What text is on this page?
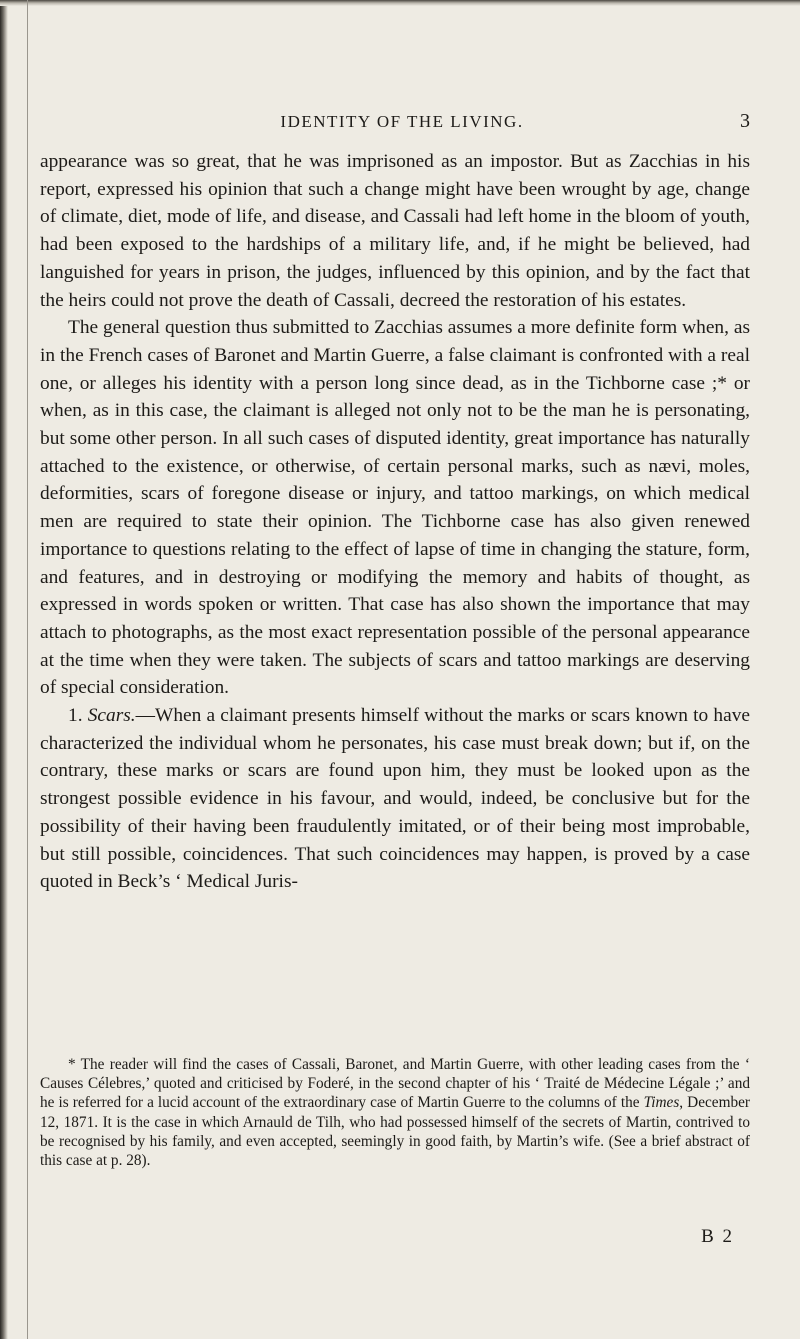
IDENTITY OF THE LIVING.	3

appearance was so great, that he was imprisoned as an impostor. But as Zacchias in his report, expressed his opinion that such a change might have been wrought by age, change of climate, diet, mode of life, and disease, and Cassali had left home in the bloom of youth, had been exposed to the hardships of a military life, and, if he might be believed, had languished for years in prison, the judges, influenced by this opinion, and by the fact that the heirs could not prove the death of Cassali, decreed the restoration of his estates.

The general question thus submitted to Zacchias assumes a more definite form when, as in the French cases of Baronet and Martin Guerre, a false claimant is confronted with a real one, or alleges his identity with a person long since dead, as in the Tichborne case ;* or when, as in this case, the claimant is alleged not only not to be the man he is personating, but some other person. In all such cases of disputed identity, great importance has naturally attached to the existence, or otherwise, of certain personal marks, such as nævi, moles, deformities, scars of foregone disease or injury, and tattoo markings, on which medical men are required to state their opinion. The Tichborne case has also given renewed importance to questions relating to the effect of lapse of time in changing the stature, form, and features, and in destroying or modifying the memory and habits of thought, as expressed in words spoken or written. That case has also shown the importance that may attach to photographs, as the most exact representation possible of the personal appearance at the time when they were taken. The subjects of scars and tattoo markings are deserving of special consideration.

1. Scars.—When a claimant presents himself without the marks or scars known to have characterized the individual whom he personates, his case must break down; but if, on the contrary, these marks or scars are found upon him, they must be looked upon as the strongest possible evidence in his favour, and would, indeed, be conclusive but for the possibility of their having been fraudulently imitated, or of their being most improbable, but still possible, coincidences. That such coincidences may happen, is proved by a case quoted in Beck’s ‘ Medical Juris-

* The reader will find the cases of Cassali, Baronet, and Martin Guerre, with other leading cases from the ‘ Causes Célebres,’ quoted and criticised by Foderé, in the second chapter of his ‘ Traité de Médecine Légale ;’ and he is referred for a lucid account of the extraordinary case of Martin Guerre to the columns of the Times, December 12, 1871. It is the case in which Arnauld de Tilh, who had possessed himself of the secrets of Martin, contrived to be recognised by his family, and even accepted, seemingly in good faith, by Martin’s wife. (See a brief abstract of this case at p. 28).

B 2
